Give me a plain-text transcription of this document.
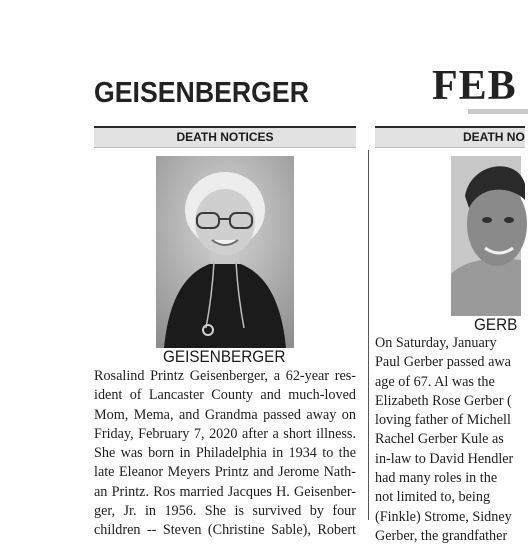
GEISENBERGER	FEB
DEATH NOTICES
GEISENBERGER
Rosalind Printz Geisenberger, a 62-year res-
ident of Lancaster County and much-loved
Mom, Mema, and Grandma passed away on
Friday, February 7, 2020 after a short illness.
She was born in Philadelphia in 1934 to the
late Eleanor Meyers Printz and Jerome Nath-
an Printz. Ros married Jacques H. Geisenber-
ger, Jr. in 1956. She is survived by four
children -- Steven (Christine Sable), Robert
DEATH NO
GERB
On Saturday, January
Paul Gerber passed awa
age of 67. Al was the
Elizabeth Rose Gerber (
loving father of Michell
Rachel Gerber Kule as
in-law to David Hendler
had many roles in the
not limited to, being
(Finkle) Strome, Sidney
Gerber, the grandfather
